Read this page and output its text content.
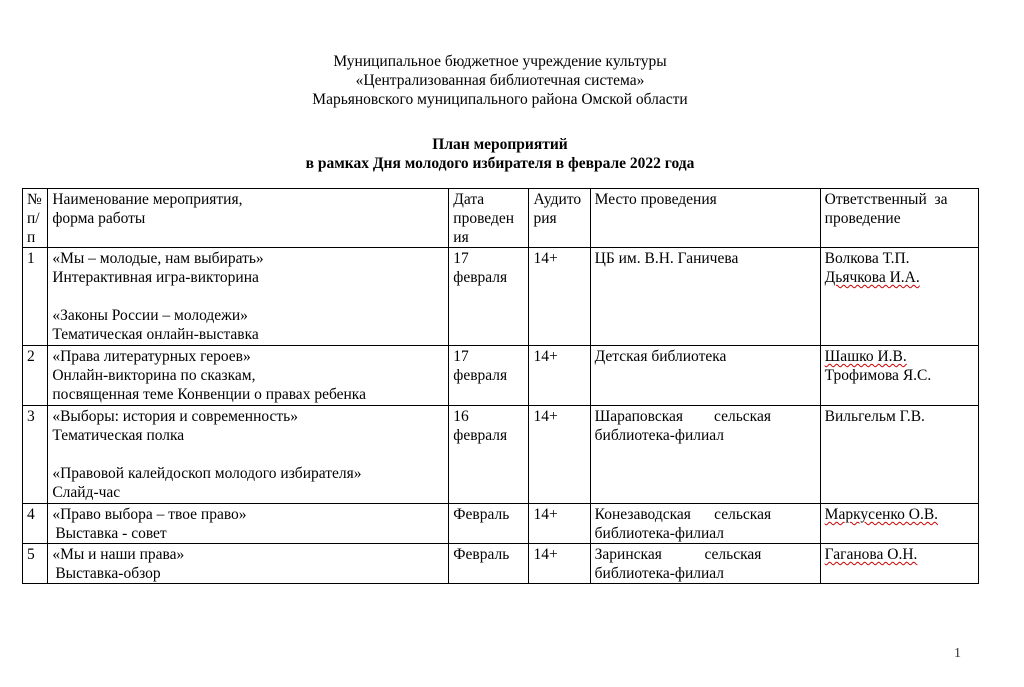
Муниципальное бюджетное учреждение культуры
«Централизованная библиотечная система»
Марьяновского муниципального района Омской области
План мероприятий
в рамках Дня молодого избирателя в феврале 2022 года
№
п/
п	Наименование мероприятия,
форма работы	Дата
проведен
ия	Аудито
рия	Место проведения	Ответственный  за
проведение

1	«Мы – молодые, нам выбирать»
Интерактивная игра-викторина
«Законы России – молодежи»
Тематическая онлайн-выставка	17
февраля	14+	ЦБ им. В.Н. Ганичева	Волкова Т.П.
Дьячкова И.А.

2	«Права литературных героев»
Онлайн-викторина по сказкам,
посвященная теме Конвенции о правах ребенка	17
февраля	14+	Детская библиотека	Шашко И.В.
Трофимова Я.С.

3	«Выборы: история и современность»
Тематическая полка
«Правовой калейдоскоп молодого избирателя»
Слайд-час	16
февраля	14+	Шараповская        сельская
библиотека-филиал	Вильгельм Г.В.

4	«Право выбора – твое право»
Выставка - совет	Февраль	14+	Конезаводская      сельская
библиотека-филиал	Маркусенко О.В.

5	«Мы и наши права»
Выставка-обзор	Февраль	14+	Заринская           сельская
библиотека-филиал	Гаганова О.Н.
1
